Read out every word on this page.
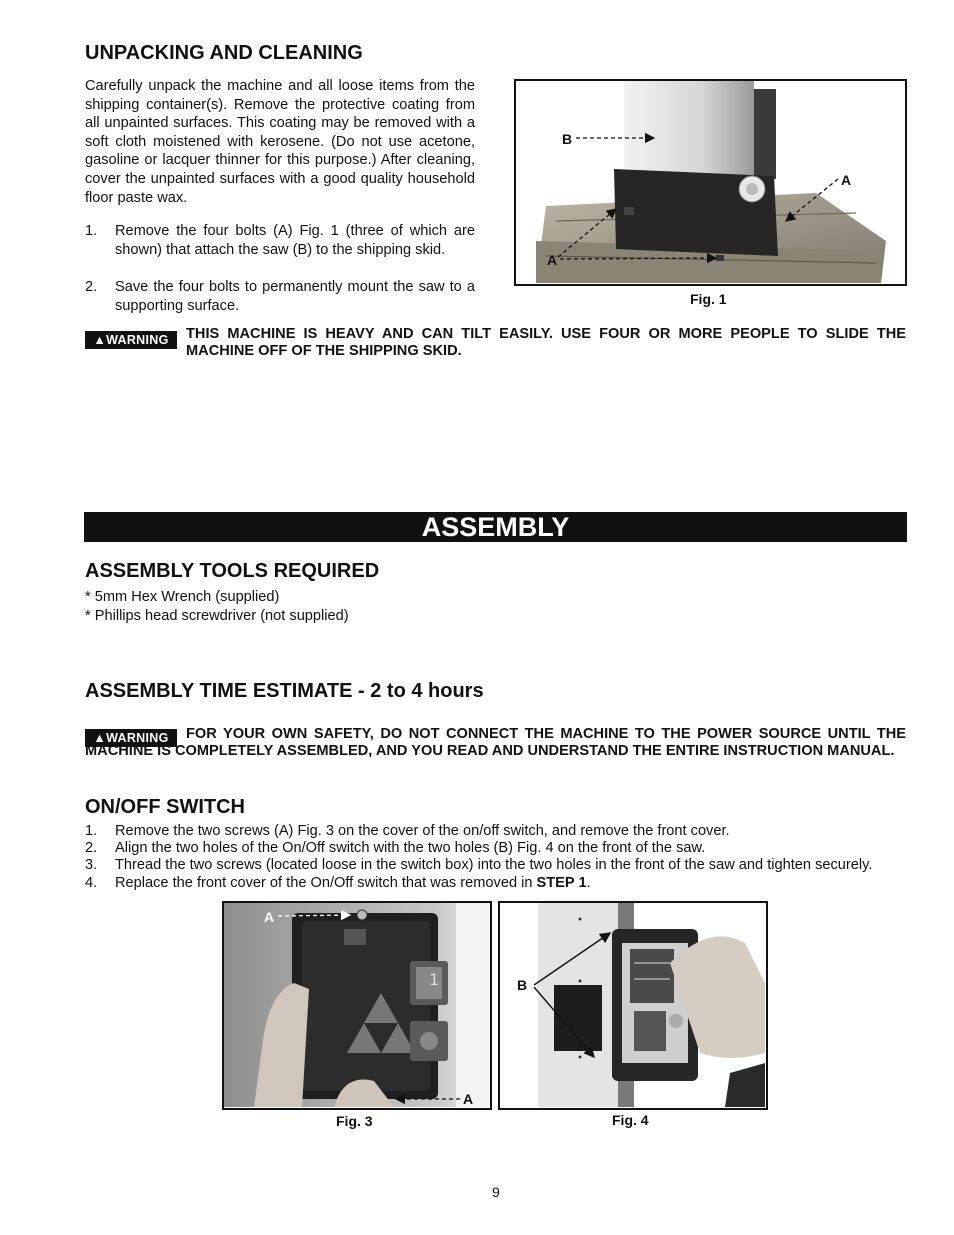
UNPACKING AND CLEANING

Carefully unpack the machine and all loose items from the shipping container(s). Remove the protective coating from all unpainted surfaces. This coating may be removed with a soft cloth moistened with kerosene. (Do not use acetone, gasoline or lacquer thinner for this purpose.) After cleaning, cover the unpainted surfaces with a good quality household floor paste wax.

1. Remove the four bolts (A) Fig. 1 (three of which are shown) that attach the saw (B) to the shipping skid.
2. Save the four bolts to permanently mount the saw to a supporting surface.
B
A
A
Fig. 1
▲WARNING	THIS MACHINE IS HEAVY AND CAN TILT EASILY. USE FOUR OR MORE PEOPLE TO SLIDE THE MACHINE OFF OF THE SHIPPING SKID.

ASSEMBLY
ASSEMBLY TOOLS REQUIRED
* 5mm Hex Wrench (supplied)
* Phillips head screwdriver (not supplied)
ASSEMBLY TIME ESTIMATE - 2 to 4 hours
▲WARNING	FOR YOUR OWN SAFETY, DO NOT CONNECT THE MACHINE TO THE POWER SOURCE UNTIL THE MACHINE IS COMPLETELY ASSEMBLED, AND YOU READ AND UNDERSTAND THE ENTIRE INSTRUCTION MANUAL.

ON/OFF SWITCH
1. Remove the two screws (A) Fig. 3 on the cover of the on/off switch, and remove the front cover.
2. Align the two holes of the On/Off switch with the two holes (B) Fig. 4 on the front of the saw.
3. Thread the two screws (located loose in the switch box) into the two holes in the front of the saw and tighten securely.
4. Replace the front cover of the On/Off switch that was removed in STEP 1.
1
A
A
Fig. 3
B
Fig. 4
9
